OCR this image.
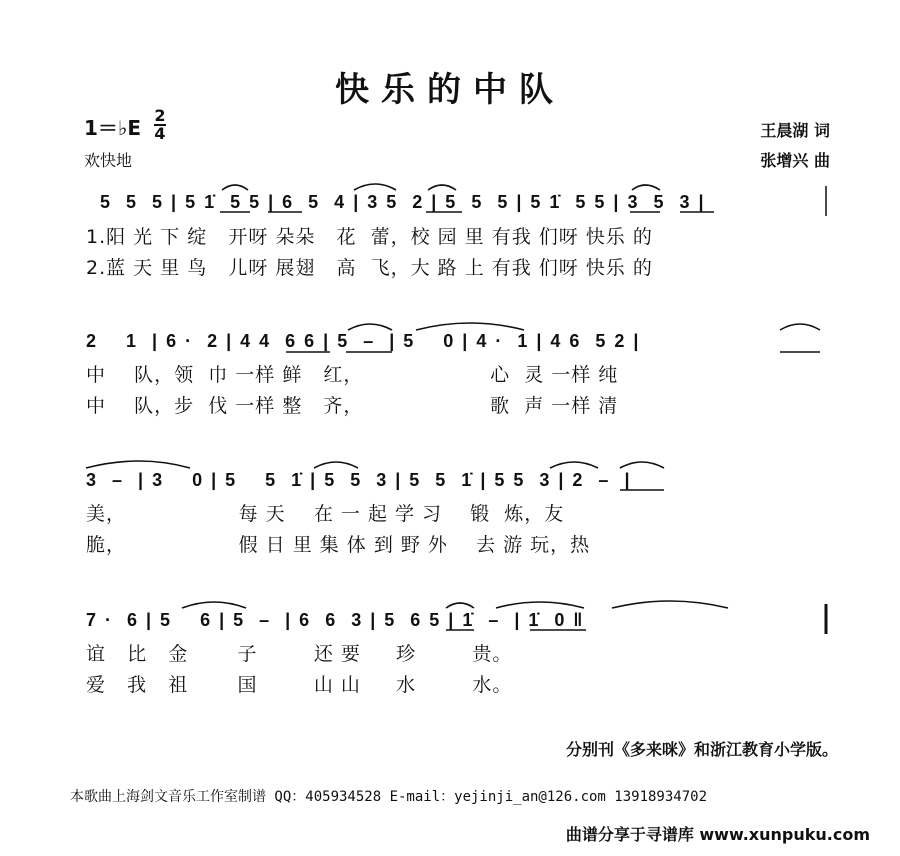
快乐的中队
1＝♭E
2
4
欢快地
王晨湖 词
张增兴 曲
5  5  5 | 5 1̇  5 5 | 6  5  4 | 3 5  2 | 5  5  5 | 5 1̇  5 5 | 3  5  3 |
1.阳 光 下 绽   开呀 朵朵   花  蕾，校 园 里 有我 们呀 快乐 的
2.蓝 天 里 鸟   儿呀 展翅   高  飞，大 路 上 有我 们呀 快乐 的
2    1  | 6 ·  2 | 4 4  6 6 | 5  –  | 5    0 | 4 ·  1 | 4 6  5 2 |
中    队，领  巾 一样 鲜   红，                  心  灵 一样 纯
中    队，步  伐 一样 整   齐，                  歌  声 一样 清
3  –  | 3    0 | 5    5  1̇ | 5  5  3 | 5  5  1̇ | 5 5  3 | 2  –  |
美，                每 天    在 一 起 学 习    锻  炼，友
脆，                假 日 里 集 体 到 野 外    去 游 玩，热
7 ·  6 | 5    6 | 5  –  | 6  6  3 | 5  6 5 | 1̇  –  | 1̇  0 ‖
谊   比   金       子        还 要     珍        贵。
爱   我   祖       国        山 山     水        水。
分别刊《多来咪》和浙江教育小学版。
本歌曲上海剑文音乐工作室制谱 QQ：405934528 E-mail：yejinji_an@126.com 13918934702
曲谱分享于寻谱库 www.xunpuku.com
